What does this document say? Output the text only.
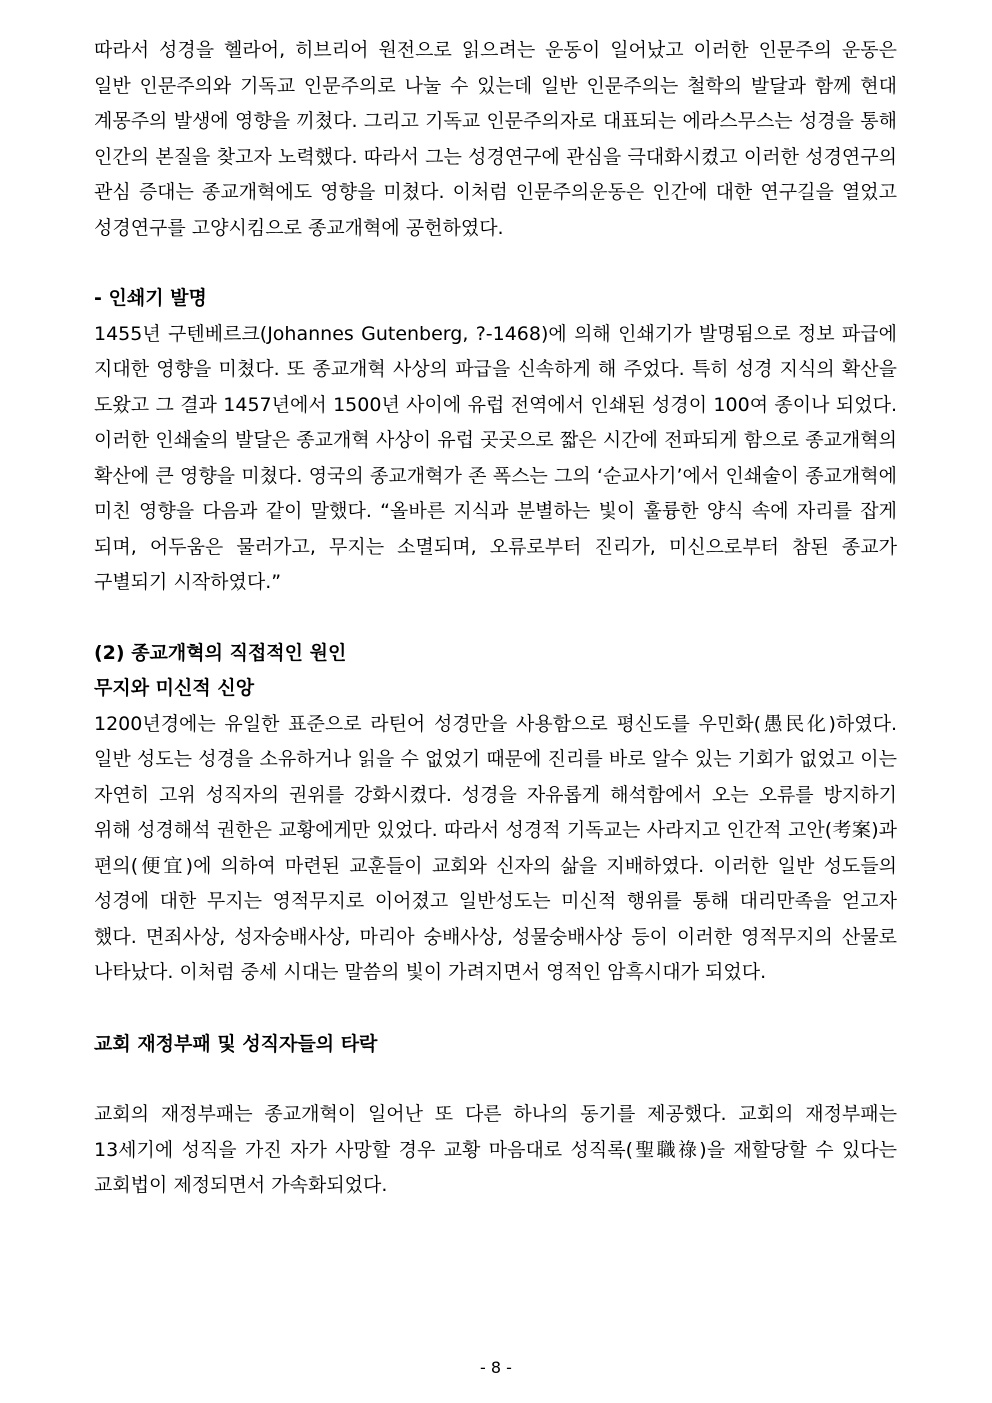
따라서 성경을 헬라어, 히브리어 원전으로 읽으려는 운동이 일어났고 이러한 인문주의 운동은 일반 인문주의와 기독교 인문주의로 나눌 수 있는데 일반 인문주의는 철학의 발달과 함께 현대 계몽주의 발생에 영향을 끼쳤다. 그리고 기독교 인문주의자로 대표되는 에라스무스는 성경을 통해 인간의 본질을 찾고자 노력했다. 따라서 그는 성경연구에 관심을 극대화시켰고 이러한 성경연구의 관심 증대는 종교개혁에도 영향을 미쳤다. 이처럼 인문주의운동은 인간에 대한 연구길을 열었고 성경연구를 고양시킴으로 종교개혁에 공헌하였다.

- 인쇄기 발명

1455년 구텐베르크(Johannes Gutenberg, ?-1468)에 의해 인쇄기가 발명됨으로 정보 파급에 지대한 영향을 미쳤다. 또 종교개혁 사상의 파급을 신속하게 해 주었다. 특히 성경 지식의 확산을 도왔고 그 결과 1457년에서 1500년 사이에 유럽 전역에서 인쇄된 성경이 100여 종이나 되었다. 이러한 인쇄술의 발달은 종교개혁 사상이 유럽 곳곳으로 짧은 시간에 전파되게 함으로 종교개혁의 확산에 큰 영향을 미쳤다. 영국의 종교개혁가 존 폭스는 그의 ‘순교사기’에서 인쇄술이 종교개혁에 미친 영향을 다음과 같이 말했다. “올바른 지식과 분별하는 빛이 훌륭한 양식 속에 자리를 잡게 되며, 어두움은 물러가고, 무지는 소멸되며, 오류로부터 진리가, 미신으로부터 참된 종교가 구별되기 시작하였다.”

(2) 종교개혁의 직접적인 원인

무지와 미신적 신앙

1200년경에는 유일한 표준으로 라틴어 성경만을 사용함으로 평신도를 우민화(愚民化)하였다. 일반 성도는 성경을 소유하거나 읽을 수 없었기 때문에 진리를 바로 알수 있는 기회가 없었고 이는 자연히 고위 성직자의 권위를 강화시켰다. 성경을 자유롭게 해석함에서 오는 오류를 방지하기 위해 성경해석 권한은 교황에게만 있었다. 따라서 성경적 기독교는 사라지고 인간적 고안(考案)과 편의(便宜)에 의하여 마련된 교훈들이 교회와 신자의 삶을 지배하였다. 이러한 일반 성도들의 성경에 대한 무지는 영적무지로 이어졌고 일반성도는 미신적 행위를 통해 대리만족을 얻고자 했다. 면죄사상, 성자숭배사상, 마리아 숭배사상, 성물숭배사상 등이 이러한 영적무지의 산물로 나타났다. 이처럼 중세 시대는 말씀의 빛이 가려지면서 영적인 암흑시대가 되었다.

교회 재정부패 및 성직자들의 타락

교회의 재정부패는 종교개혁이 일어난 또 다른 하나의 동기를 제공했다. 교회의 재정부패는 13세기에 성직을 가진 자가 사망할 경우 교황 마음대로 성직록(聖職祿)을 재할당할 수 있다는 교회법이 제정되면서 가속화되었다.

- 8 -
